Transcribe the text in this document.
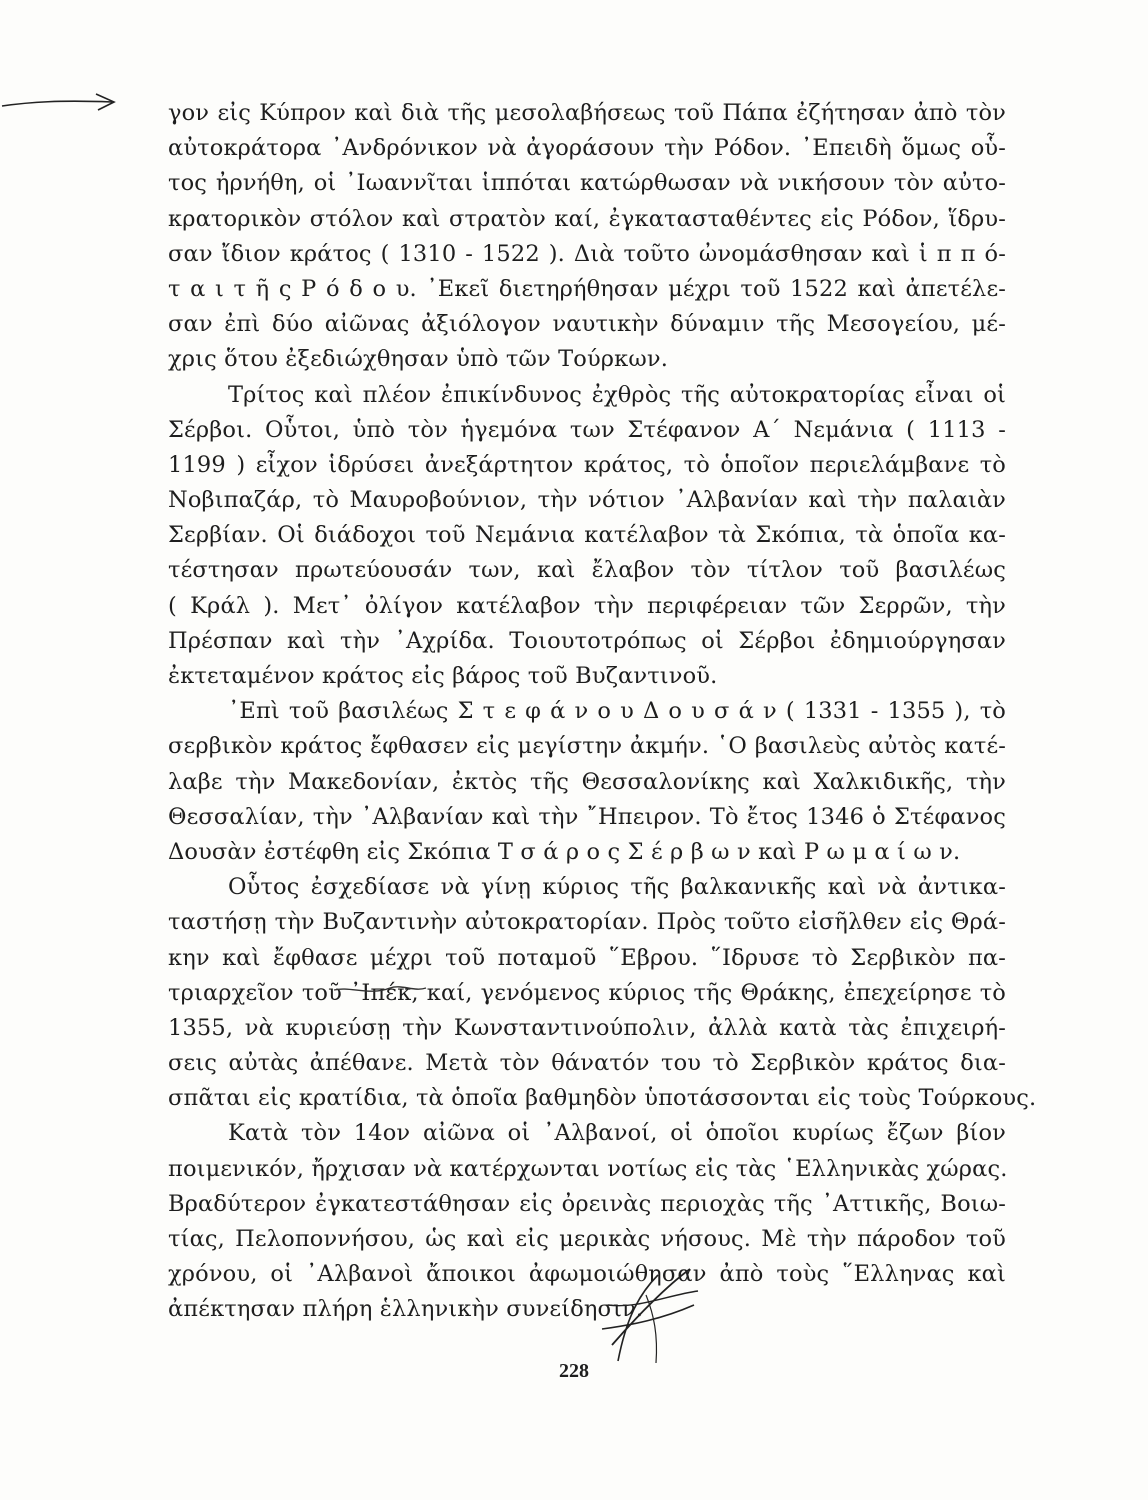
γον εἰς Κύπρον καὶ διὰ τῆς μεσολαβήσεως τοῦ Πάπα ἐζήτησαν ἀπὸ τὸν
αὐτοκράτορα ᾿Ανδρόνικον νὰ ἀγοράσουν τὴν Ρόδον. ᾿Επειδὴ ὅμως οὗ-
τος ἠρνήθη, οἱ ᾿Ιωαννῖται ἱππόται κατώρθωσαν νὰ νικήσουν τὸν αὐτο-
κρατορικὸν στόλον καὶ στρατὸν καί, ἐγκατασταθέντες εἰς Ρόδον, ἵδρυ-
σαν ἴδιον κράτος ( 1310 - 1522 ). Διὰ τοῦτο ὠνομάσθησαν καὶ ἱ π π ό-
τ α ι τ ῆ ς Ρ ό δ ο υ. ᾿Εκεῖ διετηρήθησαν μέχρι τοῦ 1522 καὶ ἀπετέλε-
σαν ἐπὶ δύο αἰῶνας ἀξιόλογον ναυτικὴν δύναμιν τῆς Μεσογείου, μέ-
χρις ὅτου ἐξεδιώχθησαν ὑπὸ τῶν Τούρκων.
Τρίτος καὶ πλέον ἐπικίνδυνος ἐχθρὸς τῆς αὐτοκρατορίας εἶναι οἱ
Σέρβοι. Οὗτοι, ὑπὸ τὸν ἡγεμόνα των Στέφανον Α΄ Νεμάνια ( 1113 -
1199 ) εἶχον ἱδρύσει ἀνεξάρτητον κράτος, τὸ ὁποῖον περιελάμβανε τὸ
Νοβιπαζάρ, τὸ Μαυροβούνιον, τὴν νότιον ᾿Αλβανίαν καὶ τὴν παλαιὰν
Σερβίαν. Οἱ διάδοχοι τοῦ Νεμάνια κατέλαβον τὰ Σκόπια, τὰ ὁποῖα κα-
τέστησαν πρωτεύουσάν των, καὶ ἔλαβον τὸν τίτλον τοῦ βασιλέως
( Κράλ ). Μετ᾿ ὀλίγον κατέλαβον τὴν περιφέρειαν τῶν Σερρῶν, τὴν
Πρέσπαν καὶ τὴν ᾿Αχρίδα. Τοιουτοτρόπως οἱ Σέρβοι ἐδημιούργησαν
ἐκτεταμένον κράτος εἰς βάρος τοῦ Βυζαντινοῦ.
᾿Επὶ τοῦ βασιλέως Σ τ ε φ ά ν ο υ Δ ο υ σ ά ν ( 1331 - 1355 ), τὸ
σερβικὸν κράτος ἔφθασεν εἰς μεγίστην ἀκμήν. ῾Ο βασιλεὺς αὐτὸς κατέ-
λαβε τὴν Μακεδονίαν, ἐκτὸς τῆς Θεσσαλονίκης καὶ Χαλκιδικῆς, τὴν
Θεσσαλίαν, τὴν ᾿Αλβανίαν καὶ τὴν ῎Ηπειρον. Τὸ ἔτος 1346 ὁ Στέφανος
Δουσὰν ἐστέφθη εἰς Σκόπια Τ σ ά ρ ο ς Σ έ ρ β ω ν καὶ Ρ ω μ α ί ω ν.
Οὗτος ἐσχεδίασε νὰ γίνῃ κύριος τῆς βαλκανικῆς καὶ νὰ ἀντικα-
ταστήσῃ τὴν Βυζαντινὴν αὐτοκρατορίαν. Πρὸς τοῦτο εἰσῆλθεν εἰς Θρά-
κην καὶ ἔφθασε μέχρι τοῦ ποταμοῦ ῞Εβρου. ῞Ιδρυσε τὸ Σερβικὸν πα-
τριαρχεῖον τοῦ ᾿Ιπέκ, καί, γενόμενος κύριος τῆς Θράκης, ἐπεχείρησε τὸ
1355, νὰ κυριεύσῃ τὴν Κωνσταντινούπολιν, ἀλλὰ κατὰ τὰς ἐπιχειρή-
σεις αὐτὰς ἀπέθανε. Μετὰ τὸν θάνατόν του τὸ Σερβικὸν κράτος δια-
σπᾶται εἰς κρατίδια, τὰ ὁποῖα βαθμηδὸν ὑποτάσσονται εἰς τοὺς Τούρκους.
Κατὰ τὸν 14ον αἰῶνα οἱ ᾿Αλβανοί, οἱ ὁποῖοι κυρίως ἔζων βίον
ποιμενικόν, ἤρχισαν νὰ κατέρχωνται νοτίως εἰς τὰς ῾Ελληνικὰς χώρας.
Βραδύτερον ἐγκατεστάθησαν εἰς ὀρεινὰς περιοχὰς τῆς ᾿Αττικῆς, Βοιω-
τίας, Πελοποννήσου, ὡς καὶ εἰς μερικὰς νήσους. Μὲ τὴν πάροδον τοῦ
χρόνου, οἱ ᾿Αλβανοὶ ἄποικοι ἀφωμοιώθησαν ἀπὸ τοὺς ῞Ελληνας καὶ
ἀπέκτησαν πλήρη ἑλληνικὴν συνείδησιν.
228
